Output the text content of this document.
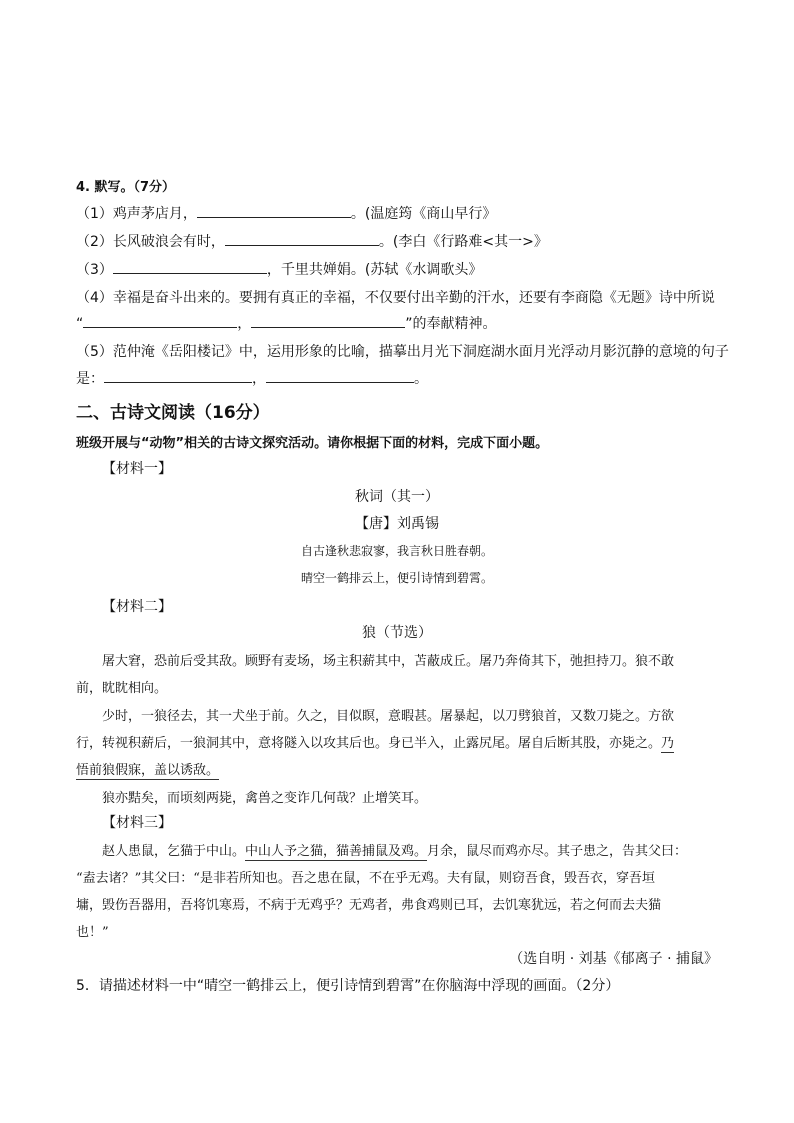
4. 默写。（7分）
（1）鸡声茅店月，	。(温庭筠《商山早行》
（2）长风破浪会有时，	。(李白《行路难<其一>》
（3）	，千里共婵娟。(苏轼《水调歌头》
（4）幸福是奋斗出来的。要拥有真正的幸福，不仅要付出辛勤的汗水，还要有李商隐《无题》诗中所说
“	，	”的奉献精神。
（5）范仲淹《岳阳楼记》中，运用形象的比喻，描摹出月光下洞庭湖水面月光浮动月影沉静的意境的句子
是：	，	。
二、古诗文阅读（16分）
班级开展与“动物”相关的古诗文探究活动。请你根据下面的材料，完成下面小题。
【材料一】
秋词（其一）
【唐】刘禹锡
自古逢秋悲寂寥，我言秋日胜春朝。
晴空一鹤排云上，便引诗情到碧霄。
【材料二】
狼（节选）
屠大窘，恐前后受其敌。顾野有麦场，场主积薪其中，苫蔽成丘。屠乃奔倚其下，弛担持刀。狼不敢
前，眈眈相向。
少时，一狼径去，其一犬坐于前。久之，目似瞑，意暇甚。屠暴起，以刀劈狼首，又数刀毙之。方欲
行，转视积薪后，一狼洞其中，意将隧入以攻其后也。身已半入，止露尻尾。屠自后断其股，亦毙之。乃
悟前狼假寐，盖以诱敌。
狼亦黠矣，而顷刻两毙，禽兽之变诈几何哉？止增笑耳。
【材料三】
赵人患鼠，乞猫于中山。中山人予之猫，猫善捕鼠及鸡。月余，鼠尽而鸡亦尽。其子患之，告其父曰：
“盍去诸？”其父曰：“是非若所知也。吾之患在鼠，不在乎无鸡。夫有鼠，则窃吾食，毁吾衣，穿吾垣
墉，毁伤吾器用，吾将饥寒焉，不病于无鸡乎？无鸡者，弗食鸡则已耳，去饥寒犹远，若之何而去夫猫
也！”
（选自明 · 刘基《郁离子 · 捕鼠》
5．请描述材料一中“晴空一鹤排云上，便引诗情到碧霄”在你脑海中浮现的画面。（2分）
